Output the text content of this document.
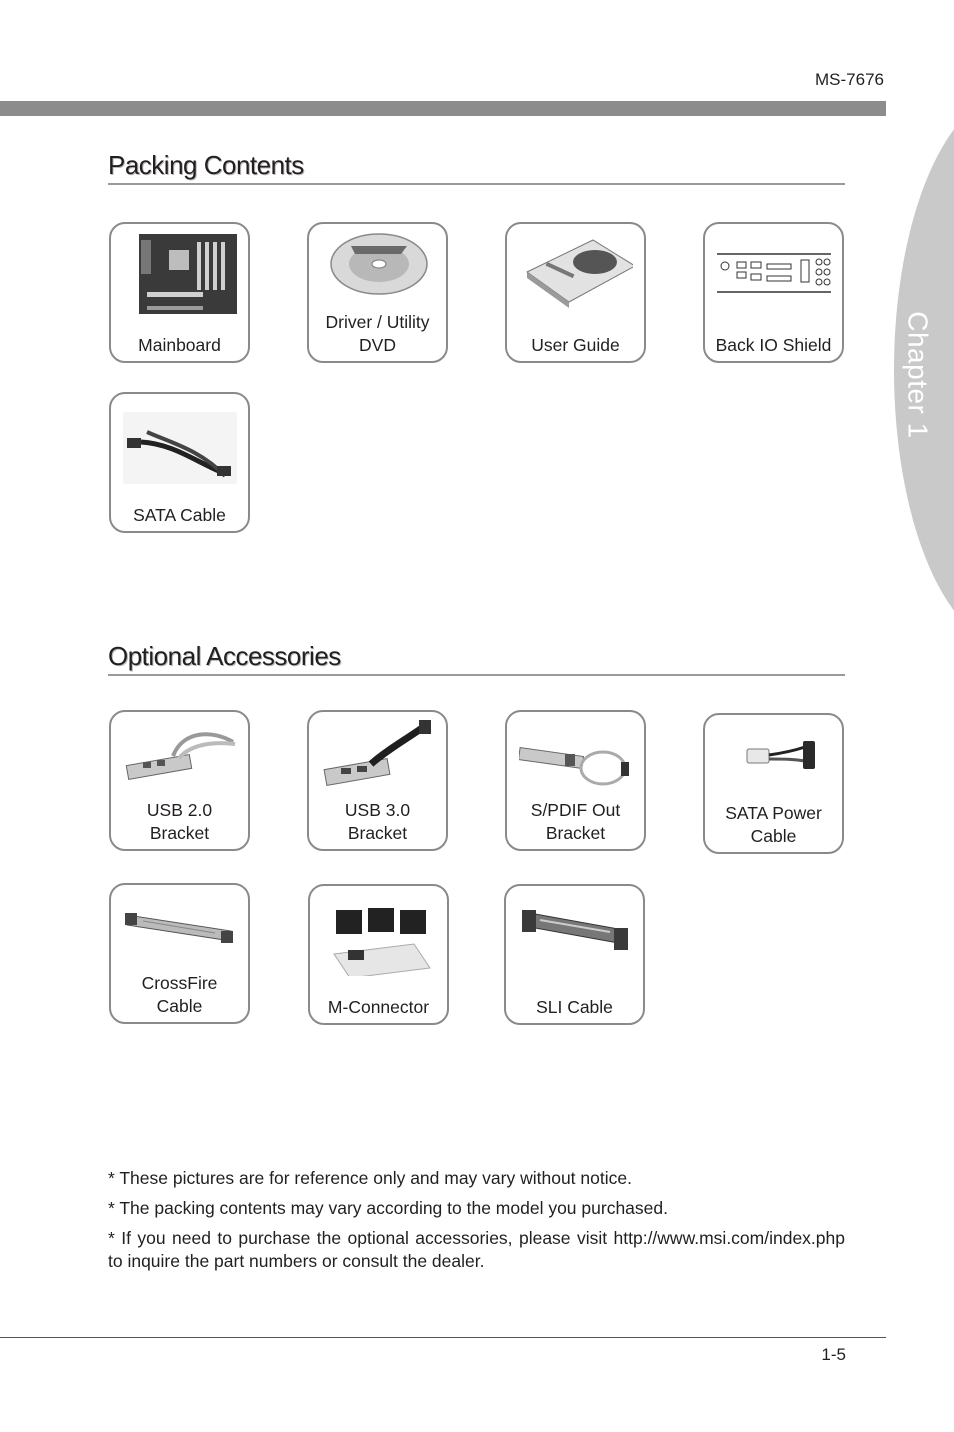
MS-7676
Chapter 1
Packing Contents
Mainboard
Driver / Utility
DVD	User Guide	Back IO Shield
SATA Cable
Optional Accessories
USB 2.0
Bracket
USB 3.0
Bracket
S/PDIF Out
Bracket
SATA Power
Cable
CrossFire
Cable	M-Connector	SLI Cable

* These pictures are for reference only and may vary without notice.

* The packing contents may vary according to the model you purchased.

* If you need to purchase the optional accessories, please visit http://www.msi.com/index.php to inquire the part numbers or consult the dealer.

1-5
